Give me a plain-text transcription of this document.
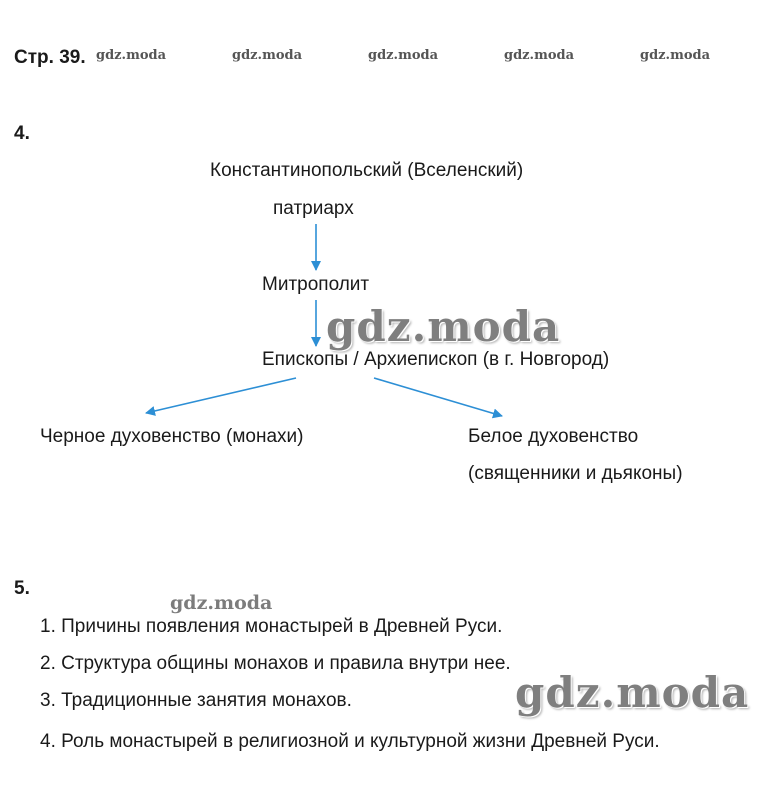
Стр. 39. gdz.moda	gdz.moda	gdz.moda	gdz.moda	gdz.moda
4.
Константинопольский (Вселенский)
патриарх
Митрополит
Епископы / Архиепископ (в г. Новгород)
Черное духовенство (монахи)	Белое духовенство
(священники и дьяконы)
gdz.moda
5.
gdz.moda
1. Причины появления монастырей в Древней Руси.
2. Структура общины монахов и правила внутри нее.
3. Традиционные занятия монахов.
4. Роль монастырей в религиозной и культурной жизни Древней Руси.
gdz.moda
